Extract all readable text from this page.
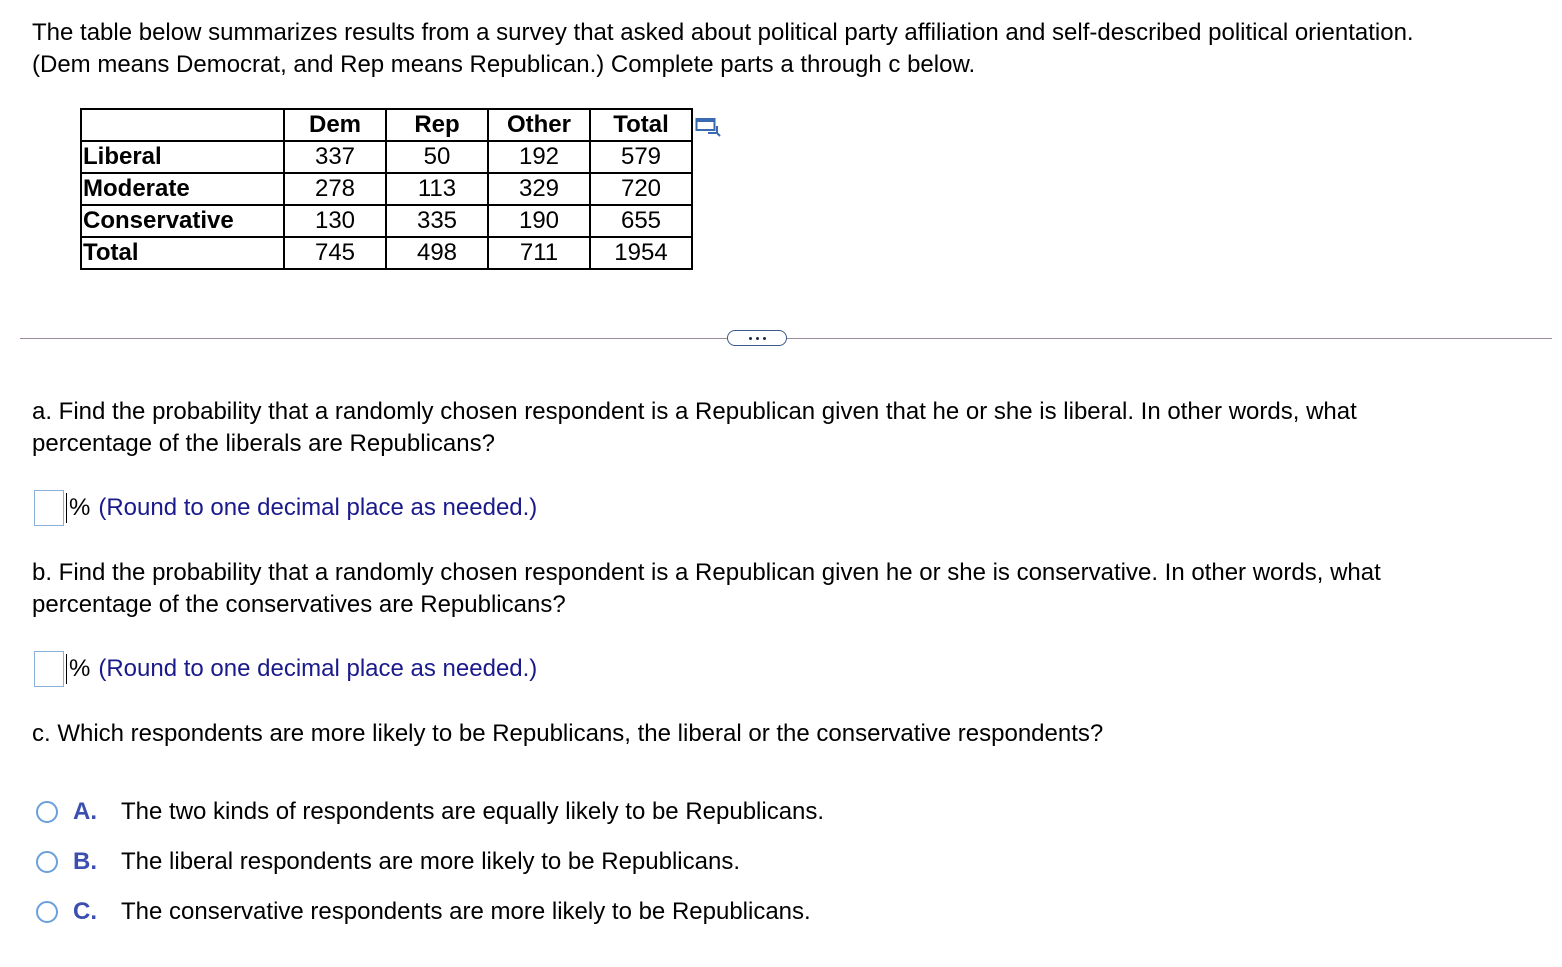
The table below summarizes results from a survey that asked about political party affiliation and self-described political orientation.
(Dem means Democrat, and Rep means Republican.) Complete parts a through c below.

	Dem	Rep	Other	Total
Liberal	337	50	192	579
Moderate	278	113	329	720
Conservative	130	335	190	655
Total	745	498	711	1954

a. Find the probability that a randomly chosen respondent is a Republican given that he or she is liberal. In other words, what
percentage of the liberals are Republicans?

% (Round to one decimal place as needed.)

b. Find the probability that a randomly chosen respondent is a Republican given he or she is conservative. In other words, what
percentage of the conservatives are Republicans?

% (Round to one decimal place as needed.)

c. Which respondents are more likely to be Republicans, the liberal or the conservative respondents?

A.	The two kinds of respondents are equally likely to be Republicans.
B.	The liberal respondents are more likely to be Republicans.
C.	The conservative respondents are more likely to be Republicans.
